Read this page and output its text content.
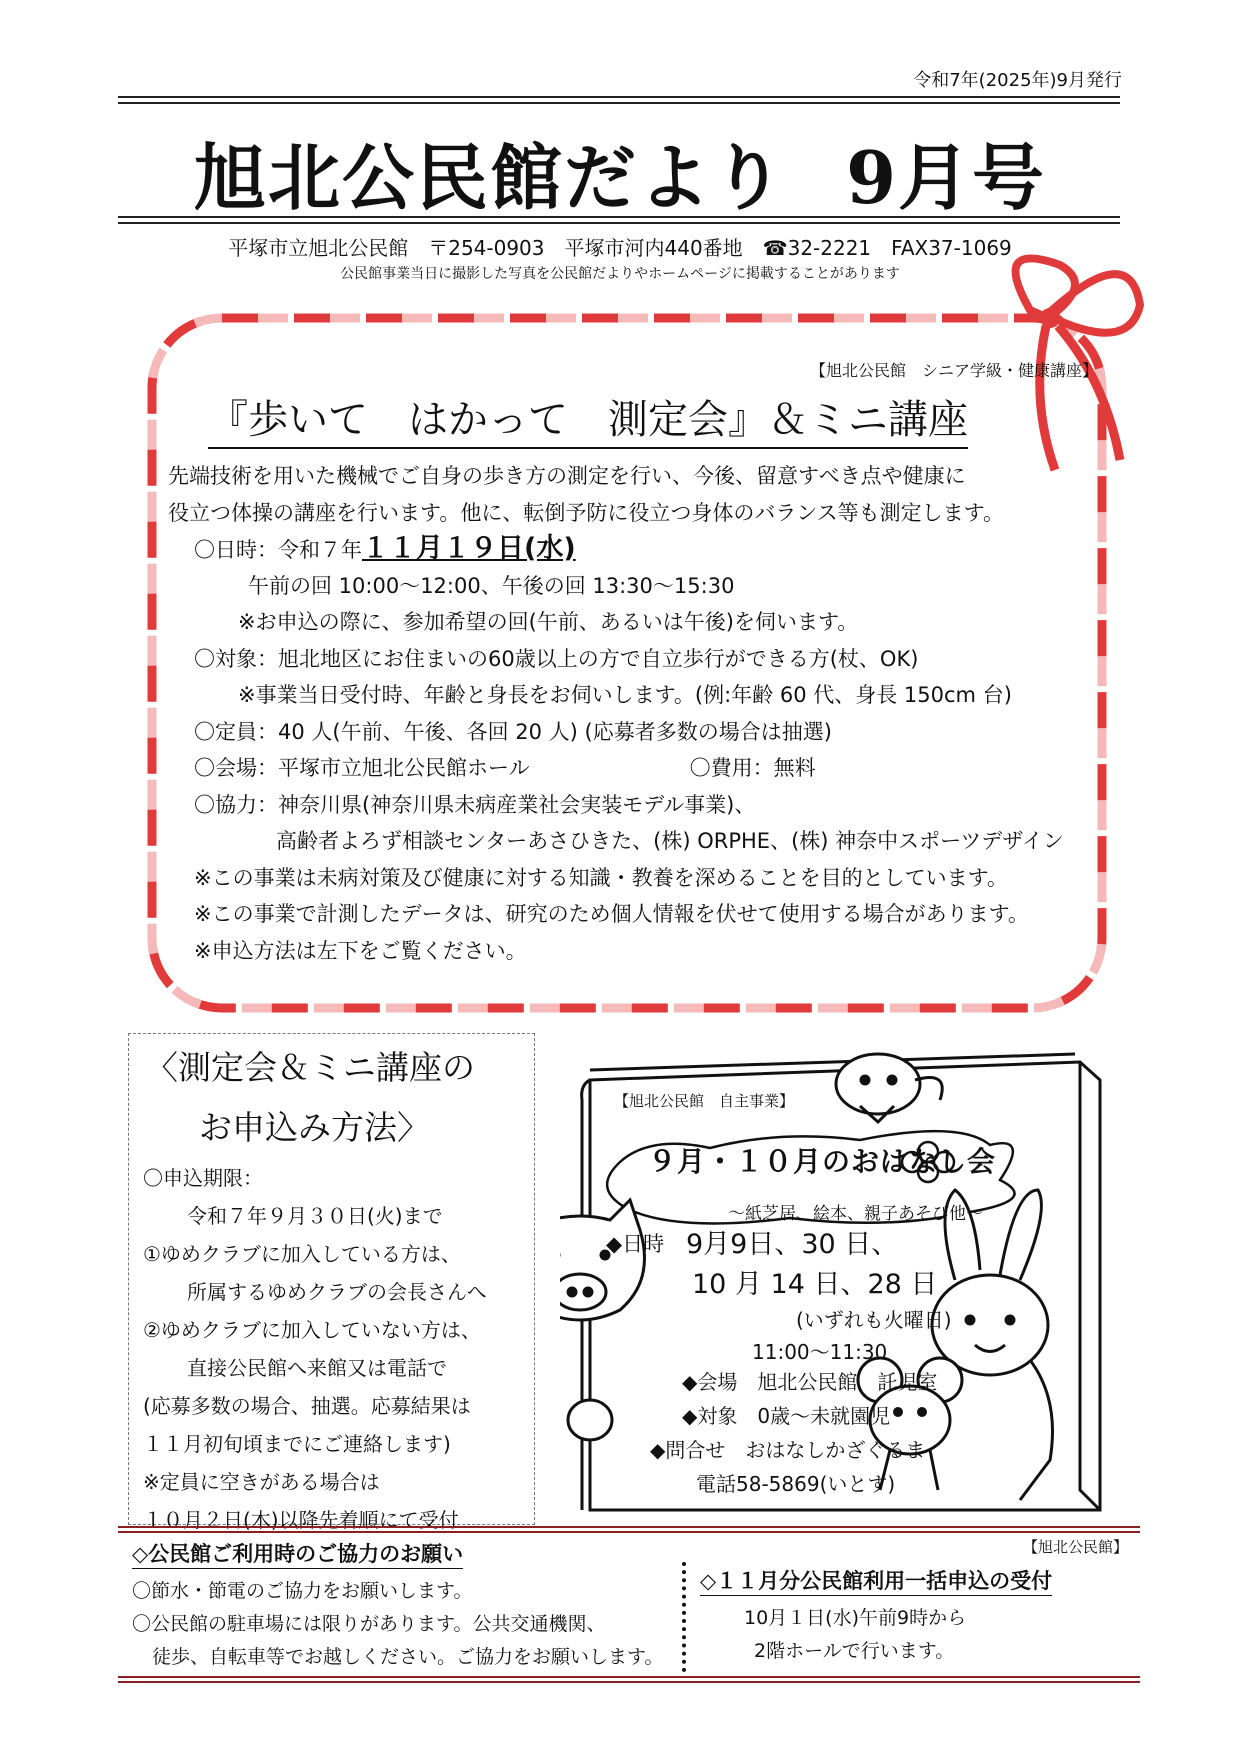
令和7年(2025年)9月発行
旭北公民館だより 9月号
平塚市立旭北公民館　〒254-0903　平塚市河内440番地　☎32-2221　FAX37-1069
公民館事業当日に撮影した写真を公民館だよりやホームページに掲載することがあります
【旭北公民館　シニア学級・健康講座】
『歩いて　はかって　測定会』＆ミニ講座
先端技術を用いた機械でご自身の歩き方の測定を行い、今後、留意すべき点や健康に
役立つ体操の講座を行います。他に、転倒予防に役立つ身体のバランス等も測定します。
〇日時：令和７年１１月１９日(水)
午前の回 10:00～12:00、午後の回 13:30～15:30
※お申込の際に、参加希望の回(午前、あるいは午後)を伺います。
〇対象：旭北地区にお住まいの60歳以上の方で自立歩行ができる方(杖、OK)
※事業当日受付時、年齢と身長をお伺いします。(例:年齢 60 代、身長 150cm 台)
〇定員：40 人(午前、午後、各回 20 人) (応募者多数の場合は抽選)
〇会場：平塚市立旭北公民館ホール	〇費用：無料
〇協力：神奈川県(神奈川県未病産業社会実装モデル事業)、
高齢者よろず相談センターあさひきた、(株) ORPHE、(株) 神奈中スポーツデザイン
※この事業は未病対策及び健康に対する知識・教養を深めることを目的としています。
※この事業で計測したデータは、研究のため個人情報を伏せて使用する場合があります。
※申込方法は左下をご覧ください。
〈測定会＆ミニ講座の
お申込み方法〉
〇申込期限：
令和７年９月３０日(火)まで
①ゆめクラブに加入している方は、
所属するゆめクラブの会長さんへ
②ゆめクラブに加入していない方は、
直接公民館へ来館又は電話で
(応募多数の場合、抽選。応募結果は
１１月初旬頃までにご連絡します)
※定員に空きがある場合は
１０月２日(木)以降先着順にて受付
【旭北公民館　自主事業】
９月・１０月のおはなし会
～紙芝居、絵本、親子あそび他～
◆日時 9月9日、30 日、
10 月 14 日、28 日
(いずれも火曜日)
11:00～11:30
◆会場　旭北公民館　託児室
◆対象　0歳～未就園児
◆問合せ　おはなしかざぐるま
電話58-5869(いとす)
【旭北公民館】
◇公民館ご利用時のご協力のお願い
〇節水・節電のご協力をお願いします。
〇公民館の駐車場には限りがあります。公共交通機関、
徒歩、自転車等でお越しください。ご協力をお願いします。
◇１１月分公民館利用一括申込の受付
10月１日(水)午前9時から
2階ホールで行います。
